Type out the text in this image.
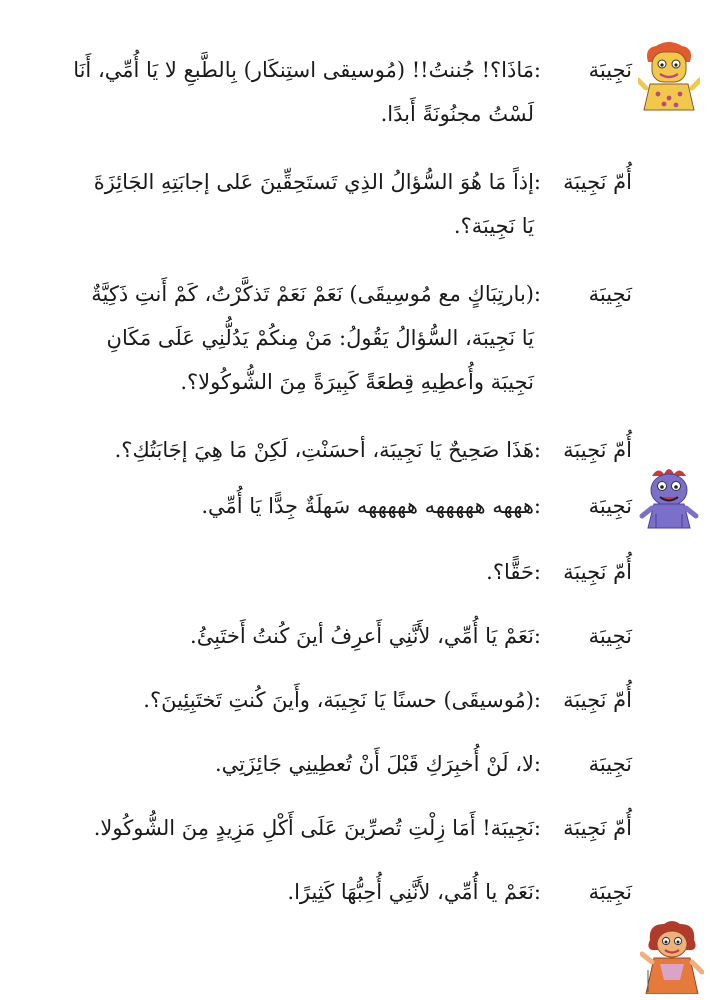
نَجِيبَة
:
مَاذَا؟! جُننتُ!! (مُوسيقى استِنكَار) بِالطَّبعِ لا يَا أُمِّي، أَنَا
لَسْتُ مجنُونَةً أَبدًا.
أُمّ نَجِيبَة
:
إذاً مَا هُوَ السُّؤالُ الذِي تَستَحِقِّينَ عَلى إجابَتِهِ الجَائِزَةَ
يَا نَجِيبَة؟.
نَجِيبَة
:
(بارتِبَاكٍ مع مُوسِيقَى) نَعَمْ نَعَمْ تَذكَّرْتُ، كَمْ أَنتِ ذَكِيَّةٌ
يَا نَجِيبَة، السُّؤالُ يَقُولُ: مَنْ مِنكُمْ يَدُلُّنِي عَلَى مَكَانِ
نَجِيبَة وأُعطِيهِ قِطعَةً كَبِيرَةً مِنَ الشُّوكُولا؟.
أُمّ نَجِيبَة
:
هَذَا صَحِيحٌ يَا نَجِيبَة، أحسَنْتِ، لَكِنْ مَا هِيَ إجَابَتُكِ؟.
نَجِيبَة
:
هههه هههههه هههههه سَهلَةٌ جِدًّا يَا أُمِّي.
أُمّ نَجِيبَة
:
حَقًّا؟.
نَجِيبَة
:
نَعَمْ يَا أُمِّي، لأَنَّنِي أَعرِفُ أينَ كُنتُ أَختَبِئُ.
أُمّ نَجِيبَة
:
(مُوسيقَى) حسنًا يَا نَجِيبَة، وأَينَ كُنتِ تَختَبِئِينَ؟.
نَجِيبَة
:
لا، لَنْ أُخبِرَكِ قَبْلَ أَنْ تُعطِينِي جَائِزَتِي.
أُمّ نَجِيبَة
:
نَجِيبَة! أَمَا زِلْتِ تُصرِّينَ عَلَى أَكْلِ مَزِيدٍ مِنَ الشُّوكُولا.
نَجِيبَة
:
نَعَمْ يا أُمِّي، لأَنَّنِي أُحِبُّهَا كَثِيرًا.
